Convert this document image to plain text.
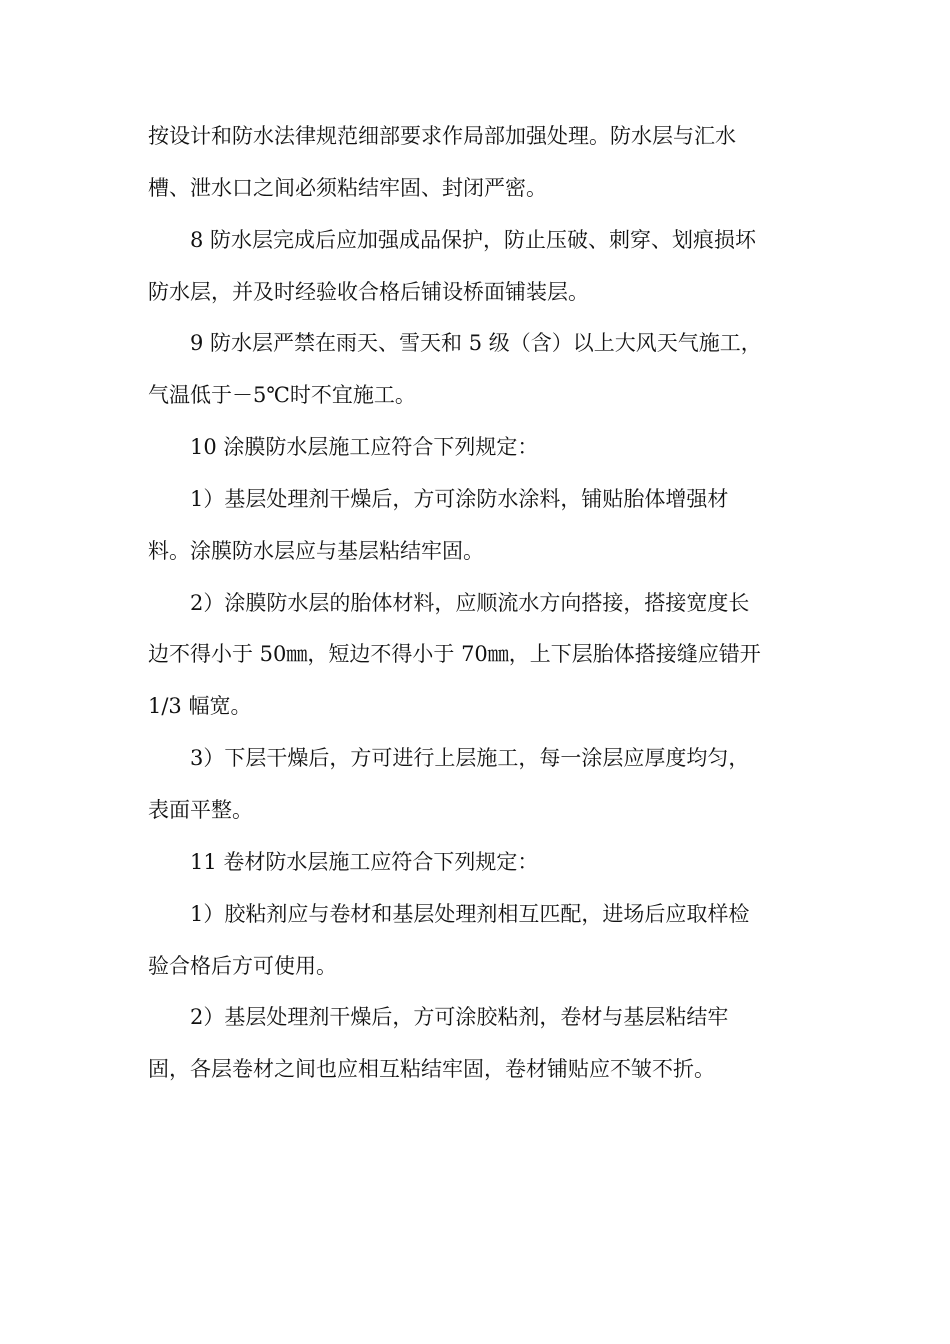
按设计和防水法律规范细部要求作局部加强处理。防水层与汇水
槽、泄水口之间必须粘结牢固、封闭严密。
8 防水层完成后应加强成品保护，防止压破、刺穿、划痕损坏
防水层，并及时经验收合格后铺设桥面铺装层。
9 防水层严禁在雨天、雪天和 5 级（含）以上大风天气施工，
气温低于－5℃时不宜施工。
10 涂膜防水层施工应符合下列规定：
1）基层处理剂干燥后，方可涂防水涂料，铺贴胎体增强材
料。涂膜防水层应与基层粘结牢固。
2）涂膜防水层的胎体材料，应顺流水方向搭接，搭接宽度长
边不得小于 50㎜，短边不得小于 70㎜，上下层胎体搭接缝应错开
1/3 幅宽。
3）下层干燥后，方可进行上层施工，每一涂层应厚度均匀，
表面平整。
11 卷材防水层施工应符合下列规定：
1）胶粘剂应与卷材和基层处理剂相互匹配，进场后应取样检
验合格后方可使用。
2）基层处理剂干燥后，方可涂胶粘剂，卷材与基层粘结牢
固，各层卷材之间也应相互粘结牢固，卷材铺贴应不皱不折。
